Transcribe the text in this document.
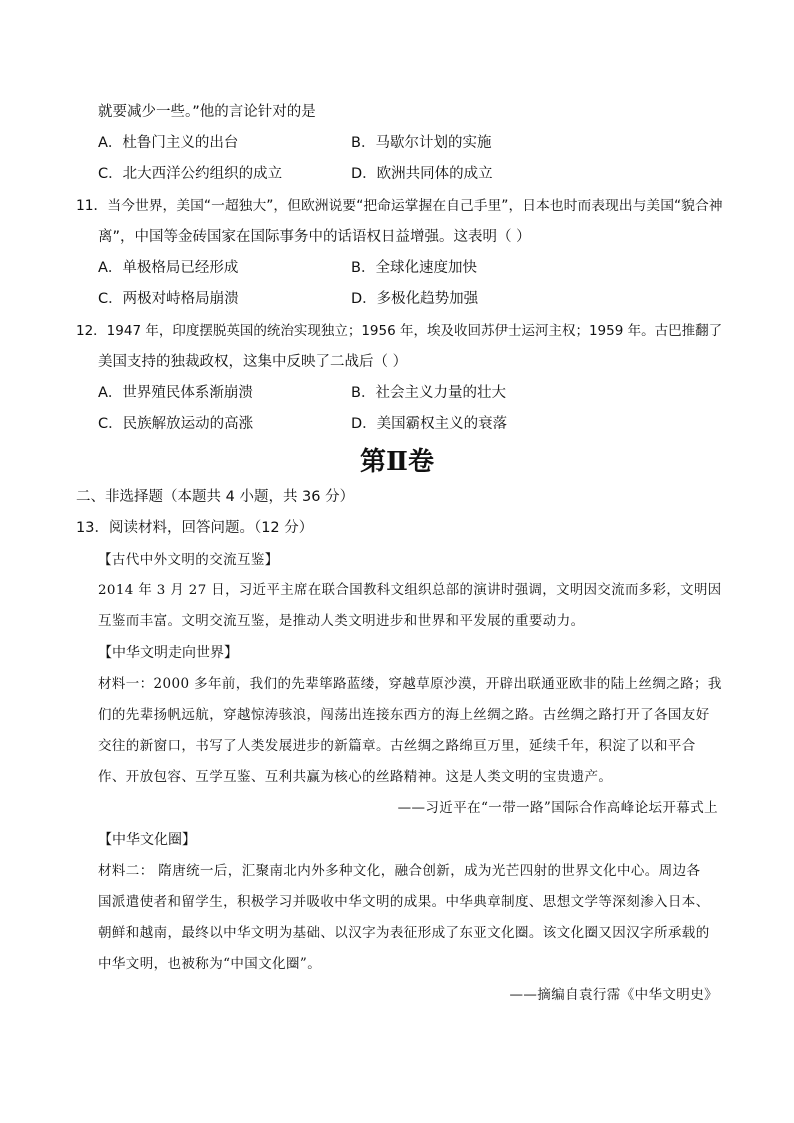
就要减少一些。”他的言论针对的是
A．杜鲁门主义的出台	B．马歇尔计划的实施
C．北大西洋公约组织的成立	D．欧洲共同体的成立
11．当今世界，美国“一超独大”，但欧洲说要“把命运掌握在自己手里”，日本也时而表现出与美国“貌合神
离”，中国等金砖国家在国际事务中的话语权日益增强。这表明（ ）
A．单极格局已经形成	B．全球化速度加快
C．两极对峙格局崩溃	D．多极化趋势加强
12．1947 年，印度摆脱英国的统治实现独立；1956 年，埃及收回苏伊士运河主权；1959 年。古巴推翻了
美国支持的独裁政权，这集中反映了二战后（ ）
A．世界殖民体系渐崩溃	B．社会主义力量的壮大
C．民族解放运动的高涨	D．美国霸权主义的衰落
第Ⅱ卷
二、非选择题（本题共 4 小题，共 36 分）
13．阅读材料，回答问题。（12 分）
【古代中外文明的交流互鉴】
2014 年 3 月 27 日，习近平主席在联合国教科文组织总部的演讲时强调，文明因交流而多彩，文明因
互鉴而丰富。文明交流互鉴，是推动人类文明进步和世界和平发展的重要动力。
【中华文明走向世界】
材料一：2000 多年前，我们的先辈筚路蓝缕，穿越草原沙漠，开辟出联通亚欧非的陆上丝绸之路；我
们的先辈扬帆远航，穿越惊涛骇浪，闯荡出连接东西方的海上丝绸之路。古丝绸之路打开了各国友好
交往的新窗口，书写了人类发展进步的新篇章。古丝绸之路绵亘万里，延续千年，积淀了以和平合
作、开放包容、互学互鉴、互利共赢为核心的丝路精神。这是人类文明的宝贵遗产。
——习近平在“一带一路”国际合作高峰论坛开幕式上
【中华文化圈】
材料二： 隋唐统一后，汇聚南北内外多种文化，融合创新，成为光芒四射的世界文化中心。周边各
国派遣使者和留学生，积极学习并吸收中华文明的成果。中华典章制度、思想文学等深刻渗入日本、
朝鲜和越南，最终以中华文明为基础、以汉字为表征形成了东亚文化圈。该文化圈又因汉字所承载的
中华文明，也被称为“中国文化圈”。
——摘编自袁行霈《中华文明史》
